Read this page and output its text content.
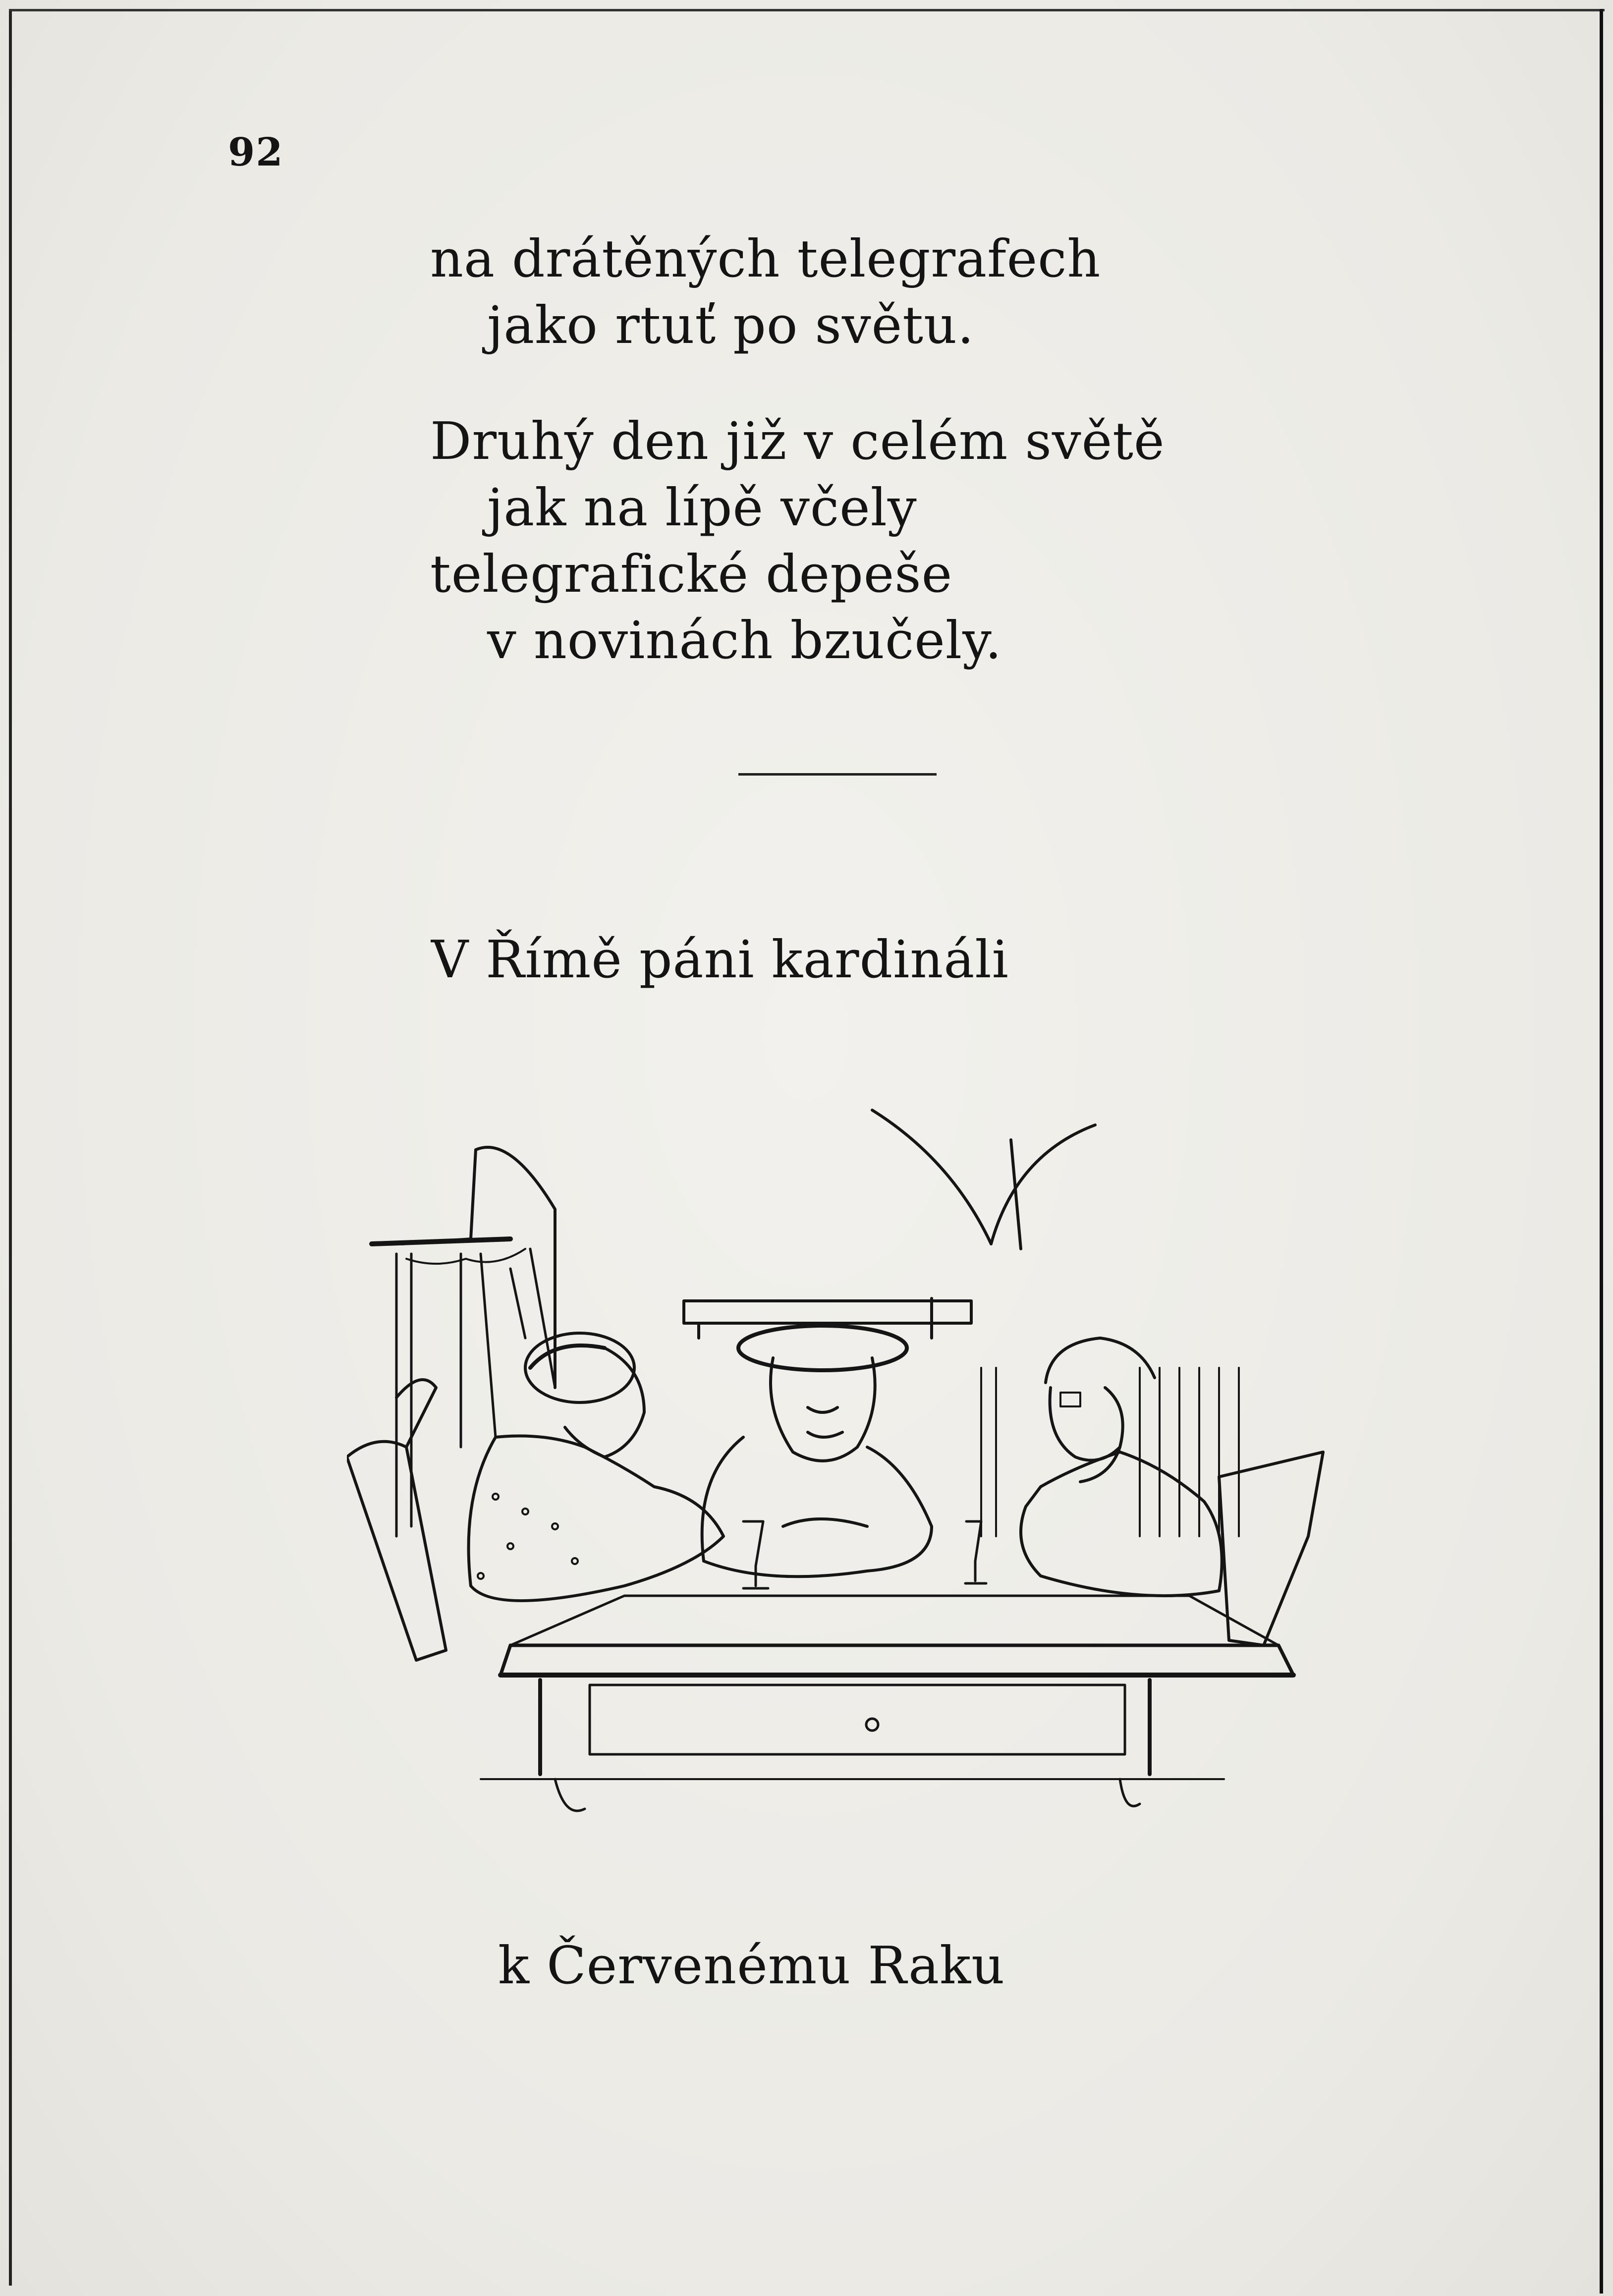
92
na drátěných telegrafech
jako rtuť po světu.
Druhý den již v celém světě
jak na lípě včely
telegrafické depeše
v novinách bzučely.
V Římě páni kardináli
k Červenému Raku
